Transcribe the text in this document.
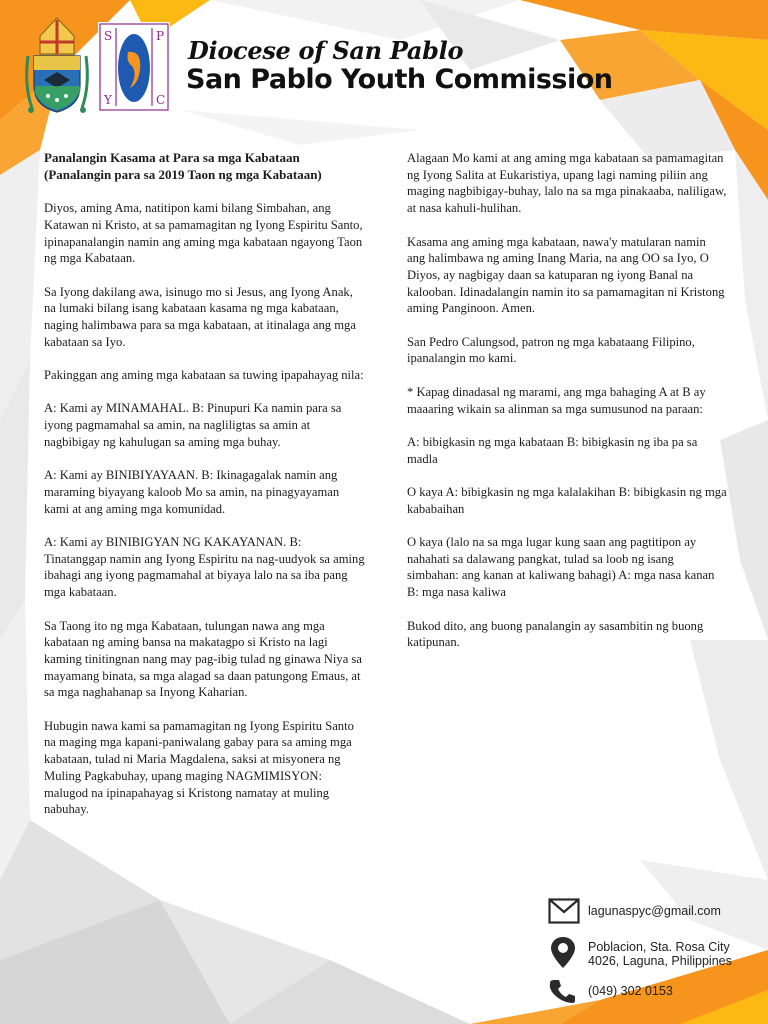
S	P
Y	C
Diocese of San Pablo
San Pablo Youth Commission

Panalangin Kasama at Para sa mga Kabataan (Panalangin para sa 2019 Taon ng mga Kabataan)

Diyos, aming Ama, natitipon kami bilang Simbahan, ang Katawan ni Kristo, at sa pamamagitan ng Iyong Espiritu Santo, ipinapanalangin namin ang aming mga kabataan ngayong Taon ng mga Kabataan.

Sa Iyong dakilang awa, isinugo mo si Jesus, ang Iyong Anak, na lumaki bilang isang kabataan kasama ng mga kabataan, naging halimbawa para sa mga kabataan, at itinalaga ang mga kabataan sa Iyo.

Pakinggan ang aming mga kabataan sa tuwing ipapahayag nila:

A: Kami ay MINAMAHAL. B: Pinupuri Ka namin para sa iyong pagmamahal sa amin, na nagliligtas sa amin at nagbibigay ng kahulugan sa aming mga buhay.

A: Kami ay BINIBIYAYAAN. B: Ikinagagalak namin ang maraming biyayang kaloob Mo sa amin, na pinagyayaman kami at ang aming mga komunidad.

A: Kami ay BINIBIGYAN NG KAKAYANAN. B: Tinatanggap namin ang Iyong Espiritu na nag-uudyok sa aming ibahagi ang iyong pagmamahal at biyaya lalo na sa iba pang mga kabataan.

Sa Taong ito ng mga Kabataan, tulungan nawa ang mga kabataan ng aming bansa na makatagpo si Kristo na lagi kaming tinitingnan nang may pag-ibig tulad ng ginawa Niya sa mayamang binata, sa mga alagad sa daan patungong Emaus, at sa mga naghahanap sa Inyong Kaharian.

Hubugin nawa kami sa pamamagitan ng Iyong Espiritu Santo na maging mga kapani-paniwalang gabay para sa aming mga kabataan, tulad ni Maria Magdalena, saksi at misyonera ng Muling Pagkabuhay, upang maging NAGMIMISYON: malugod na ipinapahayag si Kristong namatay at muling nabuhay.

Alagaan Mo kami at ang aming mga kabataan sa pamamagitan ng Iyong Salita at Eukaristiya, upang lagi naming piliin ang maging nagbibigay-buhay, lalo na sa mga pinakaaba, naliligaw, at nasa kahuli-hulihan.

Kasama ang aming mga kabataan, nawa'y matularan namin ang halimbawa ng aming Inang Maria, na ang OO sa Iyo, O Diyos, ay nagbigay daan sa katuparan ng iyong Banal na kalooban. Idinadalangin namin ito sa pamamagitan ni Kristong aming Panginoon. Amen.

San Pedro Calungsod, patron ng mga kabataang Filipino, ipanalangin mo kami.

* Kapag dinadasal ng marami, ang mga bahaging A at B ay maaaring wikain sa alinman sa mga sumusunod na paraan:

A: bibigkasin ng mga kabataan B: bibigkasin ng iba pa sa madla

O kaya A: bibigkasin ng mga kalalakihan B: bibigkasin ng mga kababaihan

O kaya (lalo na sa mga lugar kung saan ang pagtitipon ay nahahati sa dalawang pangkat, tulad sa loob ng isang simbahan: ang kanan at kaliwang bahagi) A: mga nasa kanan B: mga nasa kaliwa

Bukod dito, ang buong panalangin ay sasambitin ng buong katipunan.

lagunaspyc@gmail.com
Poblacion, Sta. Rosa City
4026, Laguna, Philippines
(049) 302 0153
